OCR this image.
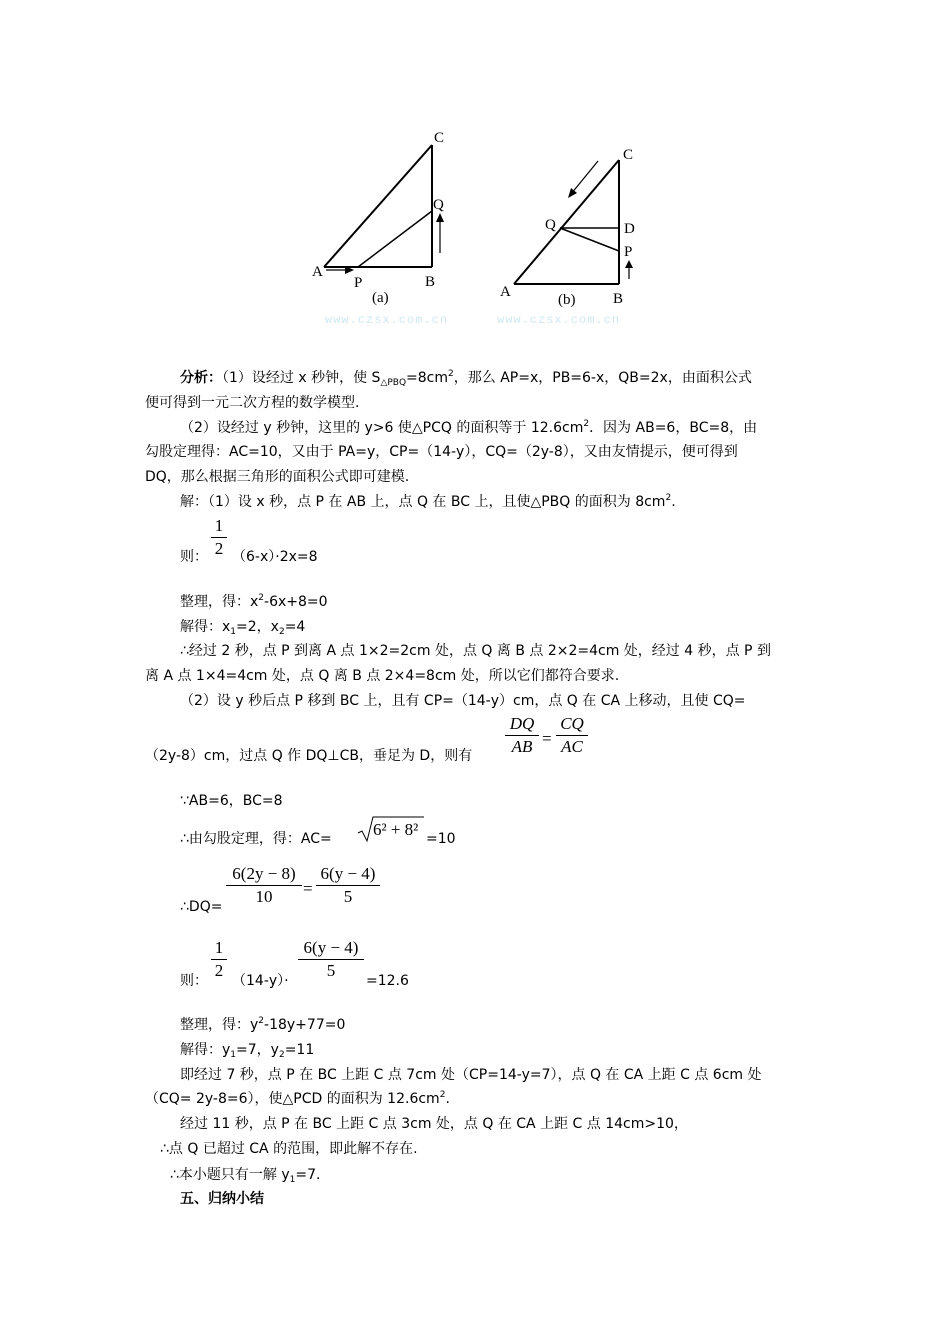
C
Q
A
P	B
(a)
C
Q	D
P
A	B
(b)
www.czsx.com.cn	www.czsx.com.cn
分析：（1）设经过 x 秒钟，使 $S_{\triangle PBQ}=8cm^2$，那么 AP=x，PB=6-x，QB=2x，由面积公式
便可得到一元二次方程的数学模型.
（2）设经过 y 秒钟，这里的 y>6 使△PCQ 的面积等于 $12.6cm^2$．因为 AB=6，BC=8，由
勾股定理得：AC=10，又由于 PA=y，CP=（14-y），CQ=（2y-8），又由友情提示，便可得到
DQ，那么根据三角形的面积公式即可建模.
解：（1）设 x 秒，点 P 在 AB 上，点 Q 在 BC 上，且使△PBQ 的面积为 $8cm^2$.
1
2
则： （6-x）·2x=8
整理，得：$x^2-6x+8=0$
解得：$x_1=2$，$x_2=4$
∴经过 2 秒，点 P 到离 A 点 1×2=2cm 处，点 Q 离 B 点 2×2=4cm 处，经过 4 秒，点 P 到
离 A 点 1×4=4cm 处，点 Q 离 B 点 2×4=8cm 处，所以它们都符合要求.
（2）设 y 秒后点 P 移到 BC 上，且有 CP=（14-y）cm，点 Q 在 CA 上移动，且使 CQ=
（2y-8）cm，过点 Q 作 DQ⊥CB，垂足为 D，则有
DQ
AB =
CQ
AC
∵AB=6，BC=8
∴由勾股定理，得：AC= 6² + 8² =10
∴DQ=
6(2y − 8)
10	=
6(y − 4)
5
1
2
则： （14-y）·
6(y − 4)
5
=12.6
整理，得：$y^2-18y+77=0$
解得：$y_1=7$，$y_2=11$
即经过 7 秒，点 P 在 BC 上距 C 点 7cm 处（CP=14-y=7），点 Q 在 CA 上距 C 点 6cm 处
（CQ= 2y-8=6），使△PCD 的面积为 $12.6cm^2$.
经过 11 秒，点 P 在 BC 上距 C 点 3cm 处，点 Q 在 CA 上距 C 点 14cm>10，
∴点 Q 已超过 CA 的范围，即此解不存在.
∴本小题只有一解 $y_1=7$.
五、归纳小结
